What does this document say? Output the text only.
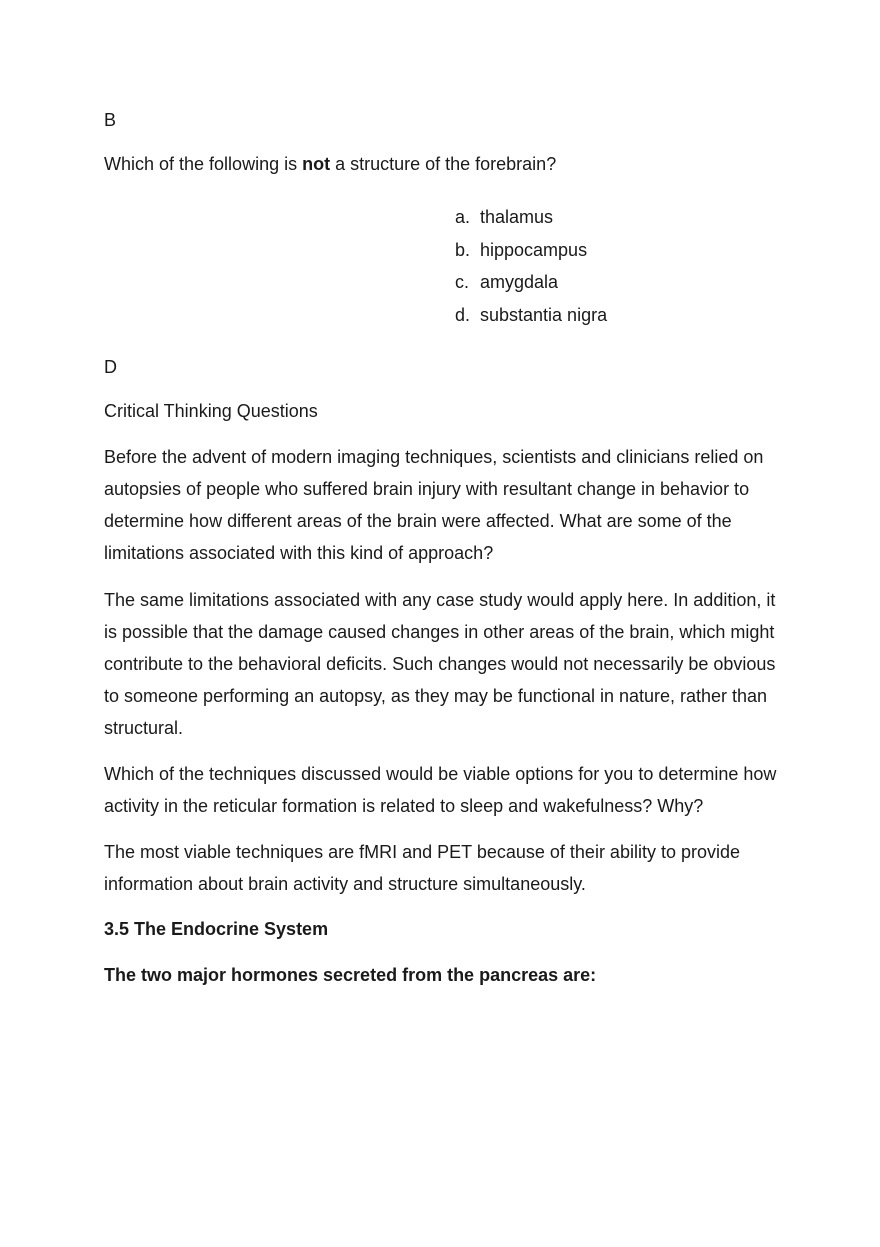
B

Which of the following is not a structure of the forebrain?

a. thalamus
b. hippocampus
c. amygdala
d. substantia nigra

D

Critical Thinking Questions

Before the advent of modern imaging techniques, scientists and clinicians relied on autopsies of people who suffered brain injury with resultant change in behavior to determine how different areas of the brain were affected. What are some of the limitations associated with this kind of approach?

The same limitations associated with any case study would apply here. In addition, it is possible that the damage caused changes in other areas of the brain, which might contribute to the behavioral deficits. Such changes would not necessarily be obvious to someone performing an autopsy, as they may be functional in nature, rather than structural.

Which of the techniques discussed would be viable options for you to determine how activity in the reticular formation is related to sleep and wakefulness? Why?

The most viable techniques are fMRI and PET because of their ability to provide information about brain activity and structure simultaneously.

3.5 The Endocrine System

The two major hormones secreted from the pancreas are:
